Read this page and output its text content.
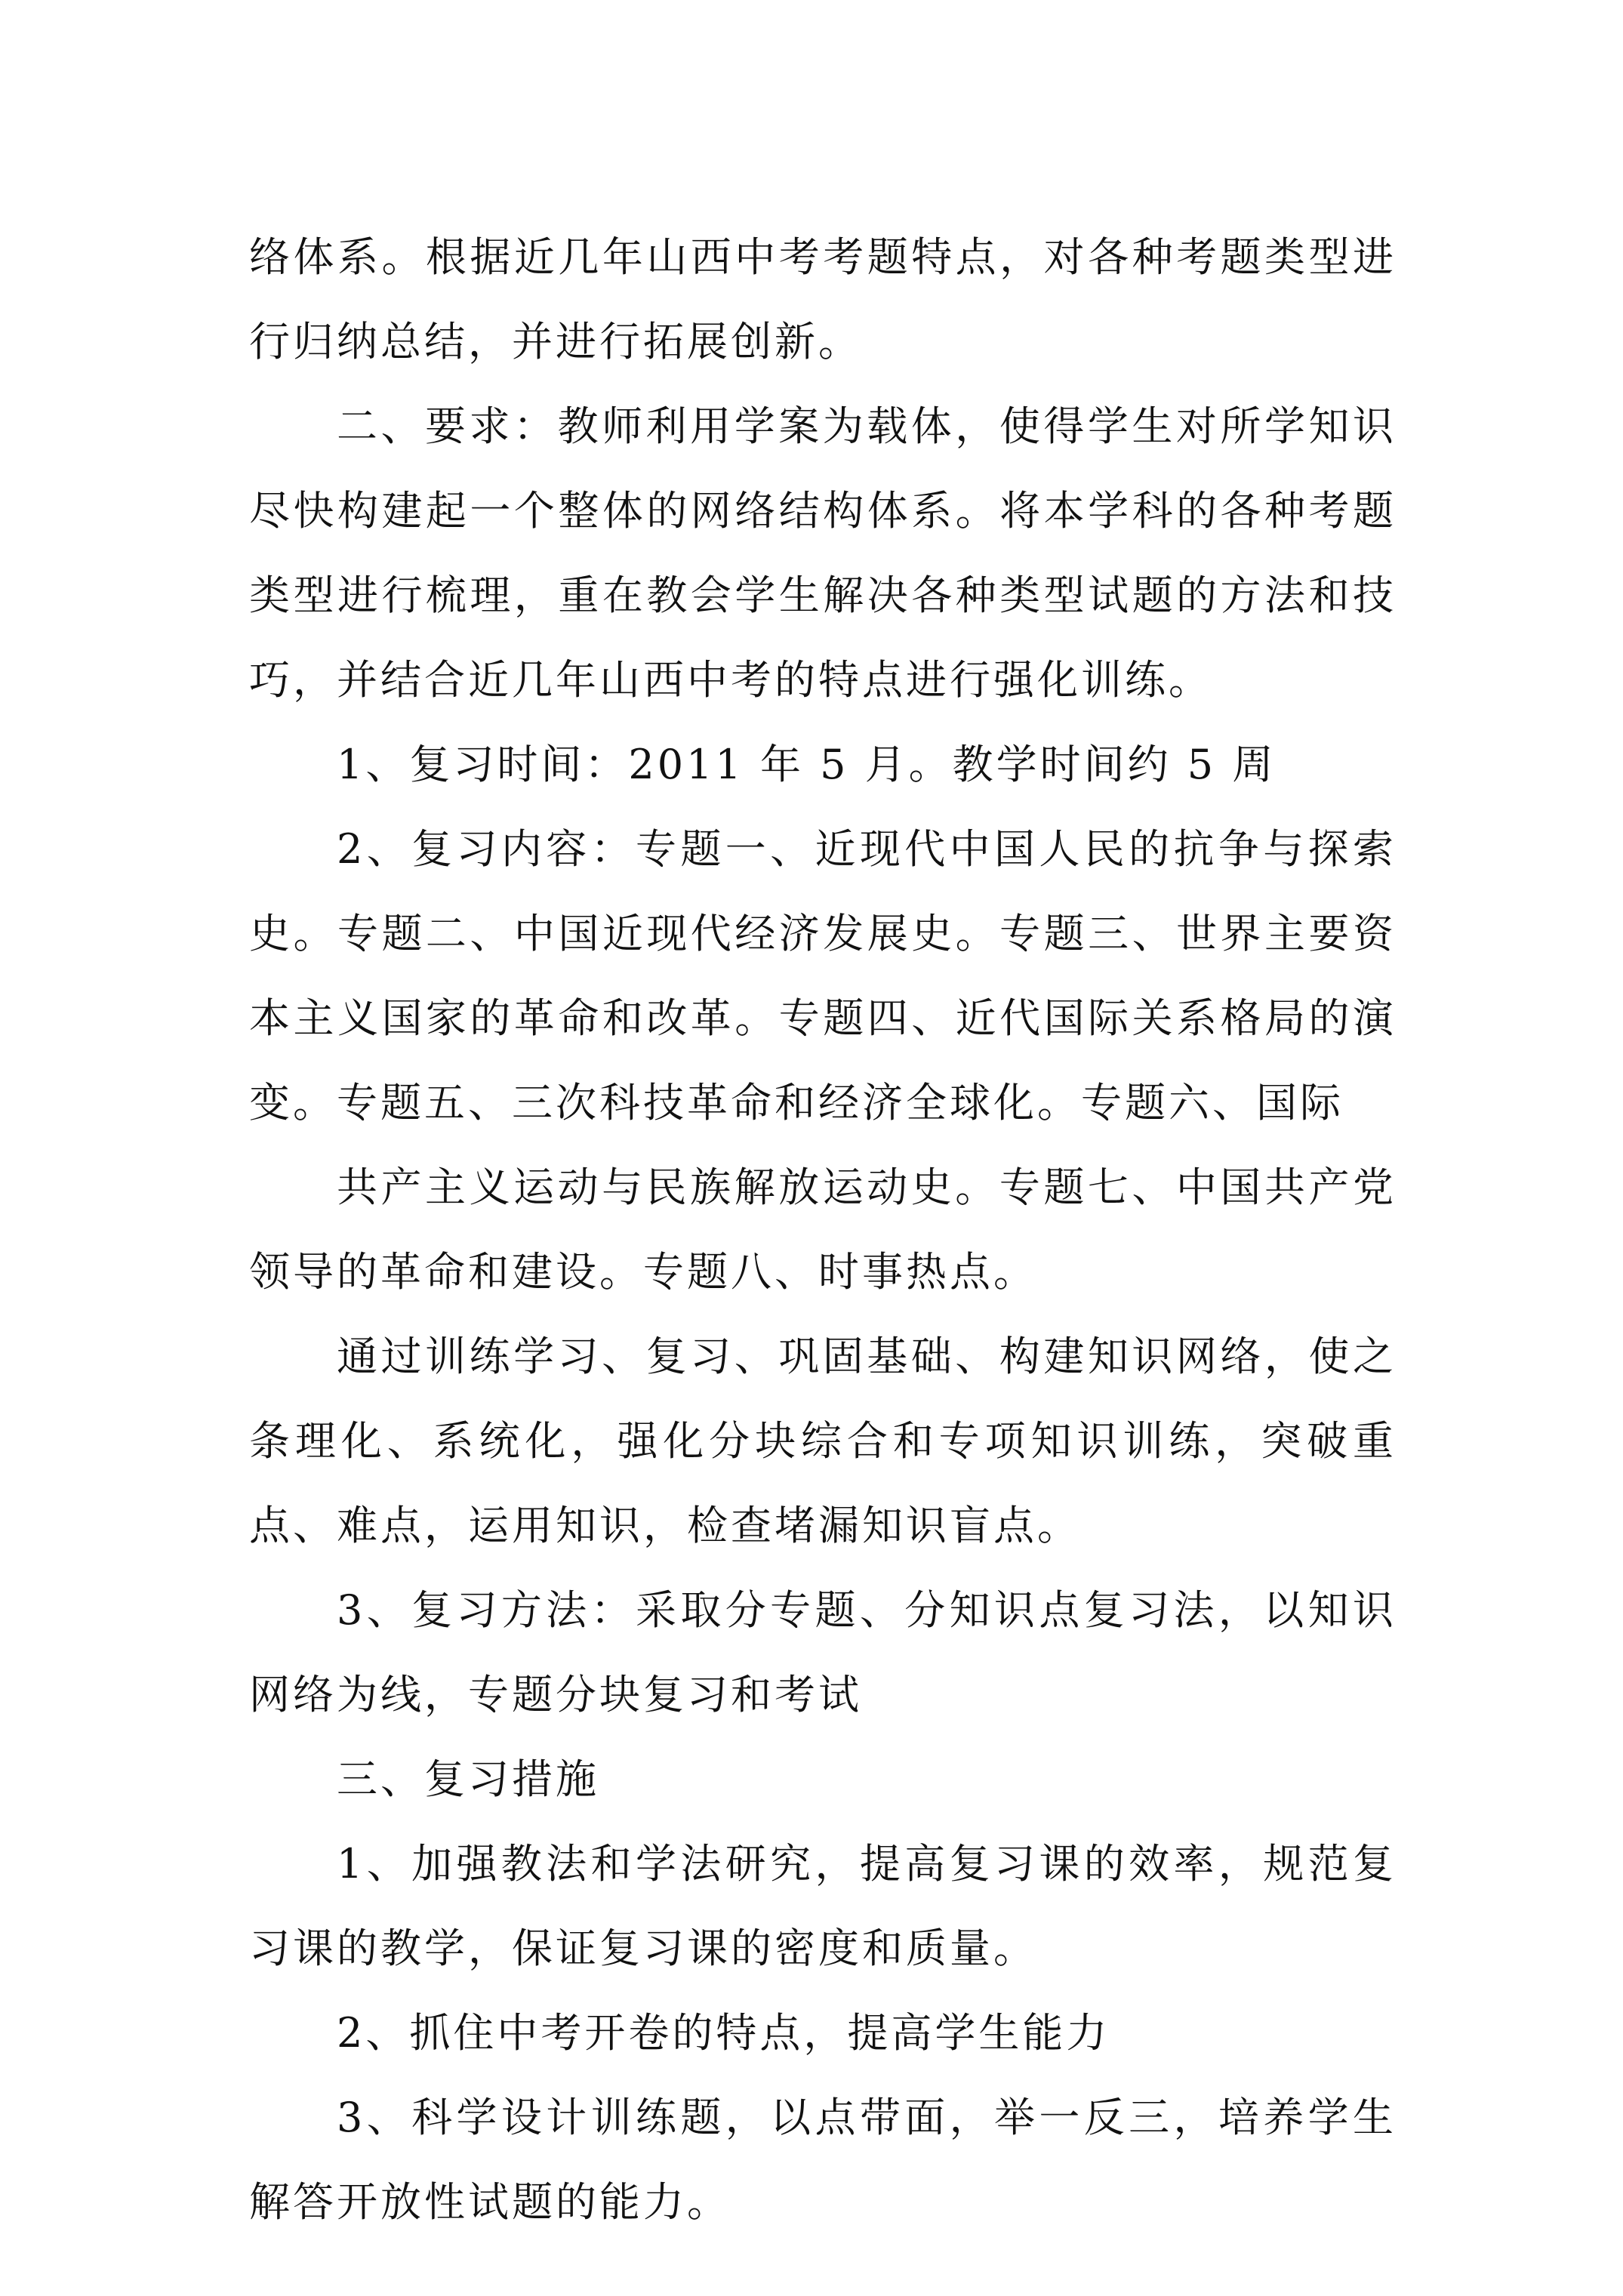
络体系。根据近几年山西中考考题特点，对各种考题类型进行归纳总结，并进行拓展创新。

二、要求：教师利用学案为载体，使得学生对所学知识尽快构建起一个整体的网络结构体系。将本学科的各种考题类型进行梳理，重在教会学生解决各种类型试题的方法和技巧，并结合近几年山西中考的特点进行强化训练。

1、复习时间：2011 年 5 月。教学时间约 5 周

2、复习内容：专题一、近现代中国人民的抗争与探索史。专题二、中国近现代经济发展史。专题三、世界主要资本主义国家的革命和改革。专题四、近代国际关系格局的演变。专题五、三次科技革命和经济全球化。专题六、国际

共产主义运动与民族解放运动史。专题七、中国共产党领导的革命和建设。专题八、时事热点。

通过训练学习、复习、巩固基础、构建知识网络，使之条理化、系统化，强化分块综合和专项知识训练，突破重点、难点，运用知识，检查堵漏知识盲点。

3、复习方法：采取分专题、分知识点复习法，以知识网络为线，专题分块复习和考试

三、复习措施

1、加强教法和学法研究，提高复习课的效率，规范复习课的教学，保证复习课的密度和质量。

2、抓住中考开卷的特点，提高学生能力

3、科学设计训练题，以点带面，举一反三，培养学生解答开放性试题的能力。
